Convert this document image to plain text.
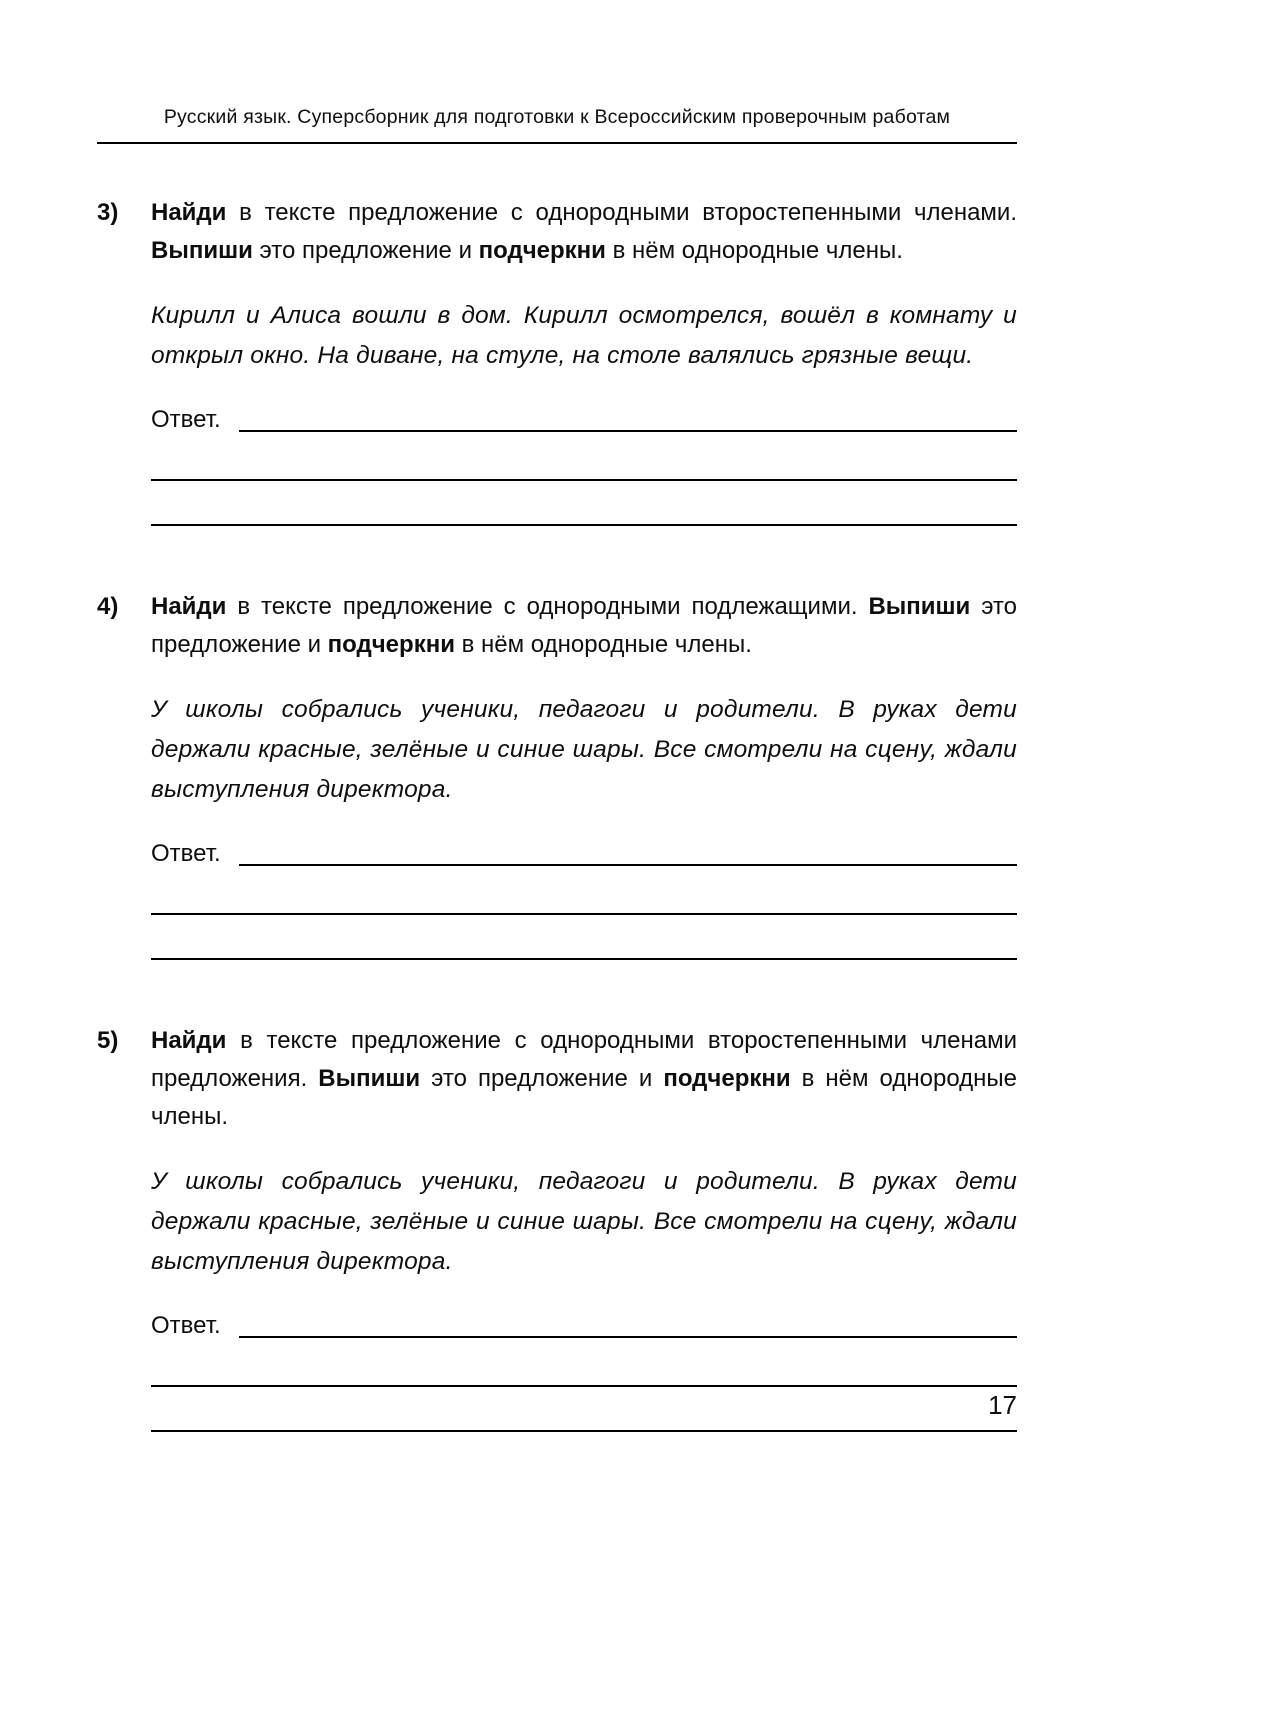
Русский язык. Суперсборник для подготовки к Всероссийским проверочным работам
3) Найди в тексте предложение с однородными второстепенными членами. Выпиши это предложение и подчеркни в нём однородные члены.

Кирилл и Алиса вошли в дом. Кирилл осмотрелся, вошёл в комнату и открыл окно. На диване, на стуле, на столе валялись грязные вещи.

Ответ.
4) Найди в тексте предложение с однородными подлежащими. Выпиши это предложение и подчеркни в нём однородные члены.

У школы собрались ученики, педагоги и родители. В руках дети держали красные, зелёные и синие шары. Все смотрели на сцену, ждали выступления директора.

Ответ.
5) Найди в тексте предложение с однородными второстепенными членами предложения. Выпиши это предложение и подчеркни в нём однородные члены.

У школы собрались ученики, педагоги и родители. В руках дети держали красные, зелёные и синие шары. Все смотрели на сцену, ждали выступления директора.

Ответ.
17
